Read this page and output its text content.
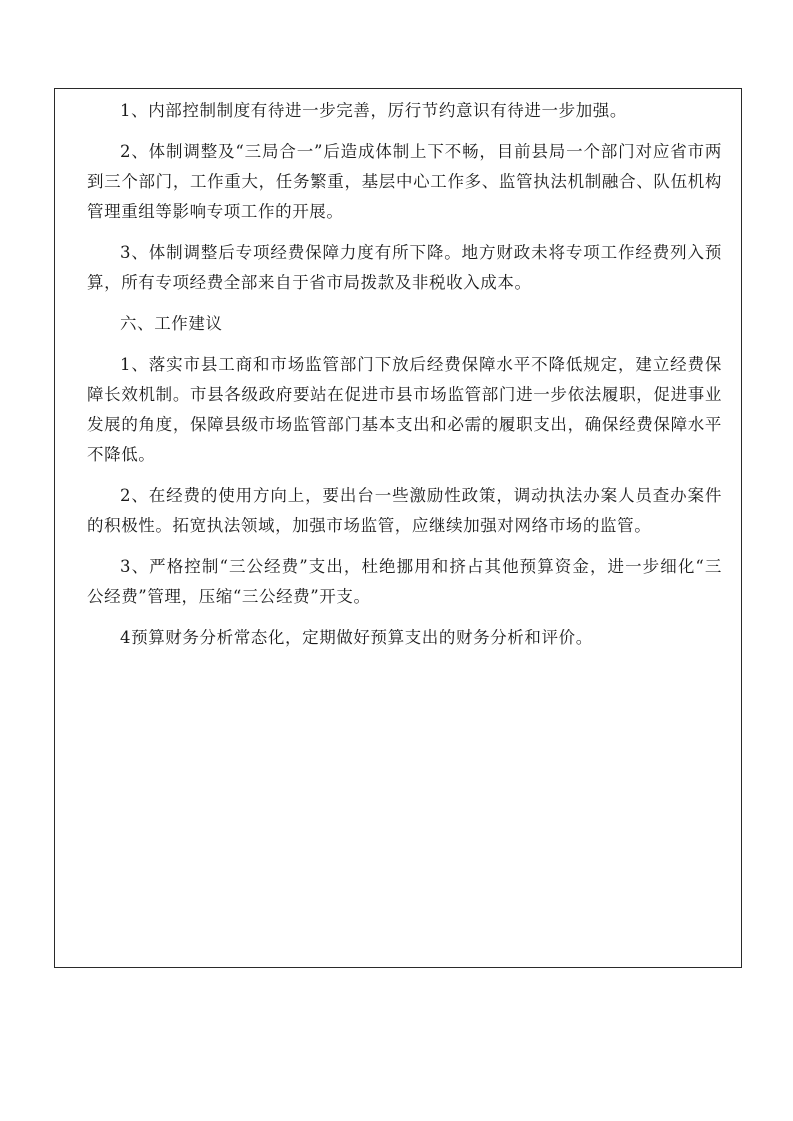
1、内部控制制度有待进一步完善，厉行节约意识有待进一步加强。

2、体制调整及“三局合一”后造成体制上下不畅，目前县局一个部门对应省市两到三个部门，工作重大，任务繁重，基层中心工作多、监管执法机制融合、队伍机构管理重组等影响专项工作的开展。

3、体制调整后专项经费保障力度有所下降。地方财政未将专项工作经费列入预算，所有专项经费全部来自于省市局拨款及非税收入成本。

六、工作建议

1、落实市县工商和市场监管部门下放后经费保障水平不降低规定，建立经费保障长效机制。市县各级政府要站在促进市县市场监管部门进一步依法履职，促进事业发展的角度，保障县级市场监管部门基本支出和必需的履职支出，确保经费保障水平不降低。

2、在经费的使用方向上，要出台一些激励性政策，调动执法办案人员查办案件的积极性。拓宽执法领域，加强市场监管，应继续加强对网络市场的监管。

3、严格控制“三公经费”支出，杜绝挪用和挤占其他预算资金，进一步细化“三公经费”管理，压缩“三公经费”开支。

4预算财务分析常态化，定期做好预算支出的财务分析和评价。
